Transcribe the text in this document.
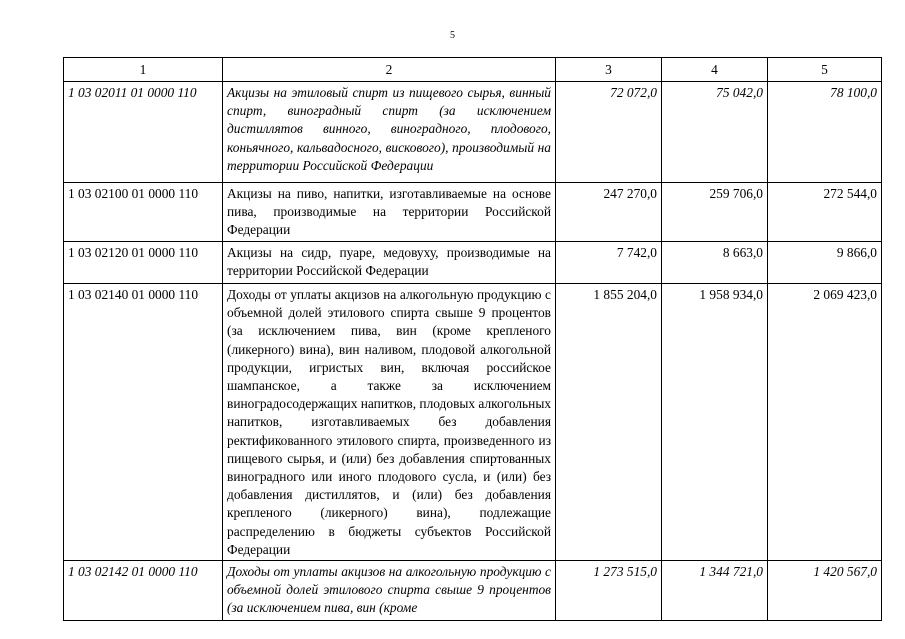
5
1	2	3	4	5
1 03 02011 01 0000 110	Акцизы на этиловый спирт из пищевого сырья, винный спирт, виноградный спирт (за исключением дистиллятов винного, виноградного, плодового, коньячного, кальвадосного, вискового), производимый на территории Российской Федерации	72 072,0	75 042,0	78 100,0
1 03 02100 01 0000 110	Акцизы на пиво, напитки, изготавливаемые на основе пива, производимые на территории Российской Федерации	247 270,0	259 706,0	272 544,0
1 03 02120 01 0000 110	Акцизы на сидр, пуаре, медовуху, производимые на территории Российской Федерации	7 742,0	8 663,0	9 866,0
1 03 02140 01 0000 110	Доходы от уплаты акцизов на алкогольную продукцию с объемной долей этилового спирта свыше 9 процентов (за исключением пива, вин (кроме крепленого (ликерного) вина), вин наливом, плодовой алкогольной продукции, игристых вин, включая российское шампанское, а также за исключением виноградосодержащих напитков, плодовых алкогольных напитков, изготавливаемых без добавления ректификованного этилового спирта, произведенного из пищевого сырья, и (или) без добавления спиртованных виноградного или иного плодового сусла, и (или) без добавления дистиллятов, и (или) без добавления крепленого (ликерного) вина), подлежащие распределению в бюджеты субъектов Российской Федерации	1 855 204,0	1 958 934,0	2 069 423,0
1 03 02142 01 0000 110	Доходы от уплаты акцизов на алкогольную продукцию с объемной долей этилового спирта свыше 9 процентов (за исключением пива, вин (кроме	1 273 515,0	1 344 721,0	1 420 567,0
